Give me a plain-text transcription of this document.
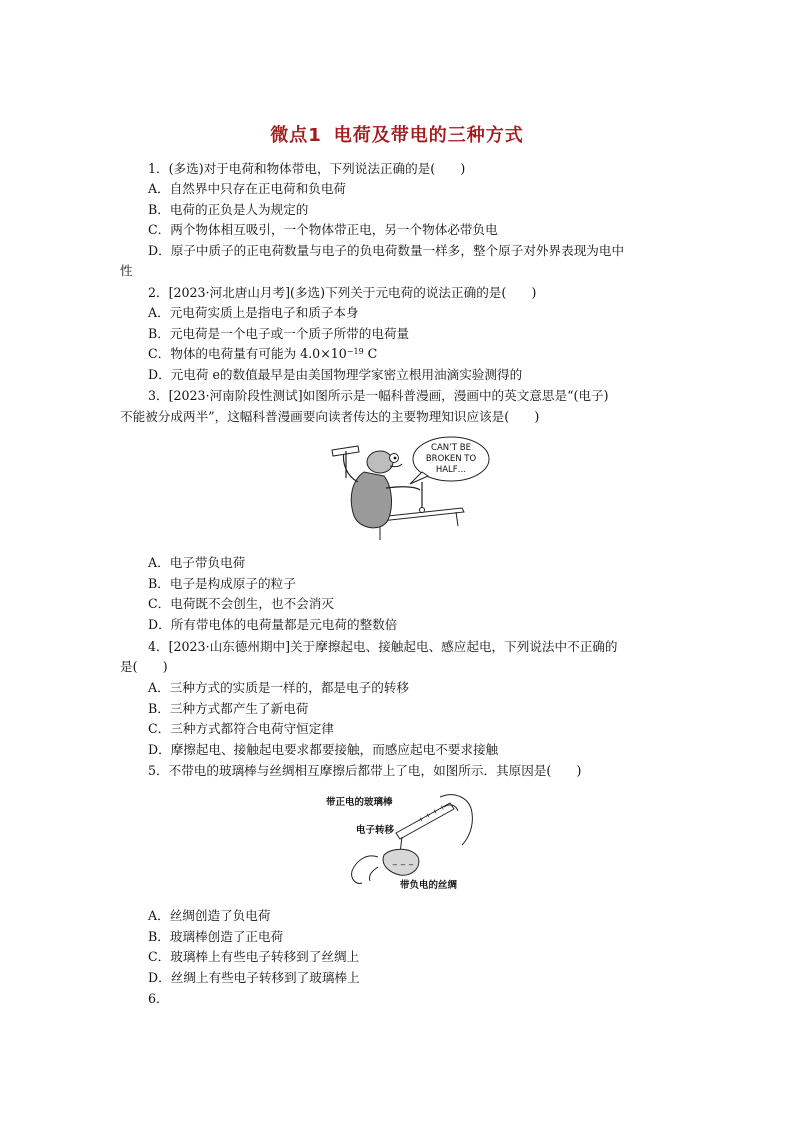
微点1 电荷及带电的三种方式
1．(多选)对于电荷和物体带电，下列说法正确的是(　　)
A．自然界中只存在正电荷和负电荷
B．电荷的正负是人为规定的
C．两个物体相互吸引，一个物体带正电，另一个物体必带负电
D．原子中质子的正电荷数量与电子的负电荷数量一样多，整个原子对外界表现为电中
性
2．[2023·河北唐山月考](多选)下列关于元电荷的说法正确的是(　　)
A．元电荷实质上是指电子和质子本身
B．元电荷是一个电子或一个质子所带的电荷量
C．物体的电荷量有可能为 $4.0\times 10^{-19}$ C
D．元电荷 e的数值最早是由美国物理学家密立根用油滴实验测得的
3．[2023·河南阶段性测试]如图所示是一幅科普漫画，漫画中的英文意思是“(电子)
不能被分成两半”，这幅科普漫画要向读者传达的主要物理知识应该是(　　)
CAN’T BE
BROKEN TO
HALF…
A．电子带负电荷
B．电子是构成原子的粒子
C．电荷既不会创生，也不会消灭
D．所有带电体的电荷量都是元电荷的整数倍
4．[2023·山东德州期中]关于摩擦起电、接触起电、感应起电，下列说法中不正确的
是(　　)
A．三种方式的实质是一样的，都是电子的转移
B．三种方式都产生了新电荷
C．三种方式都符合电荷守恒定律
D．摩擦起电、接触起电要求都要接触，而感应起电不要求接触
5．不带电的玻璃棒与丝绸相互摩擦后都带上了电，如图所示．其原因是(　　)
带正电的玻璃棒
电子转移
带负电的丝绸
+ + + +
− − −
A．丝绸创造了负电荷
B．玻璃棒创造了正电荷
C．玻璃棒上有些电子转移到了丝绸上
D．丝绸上有些电子转移到了玻璃棒上
6．
